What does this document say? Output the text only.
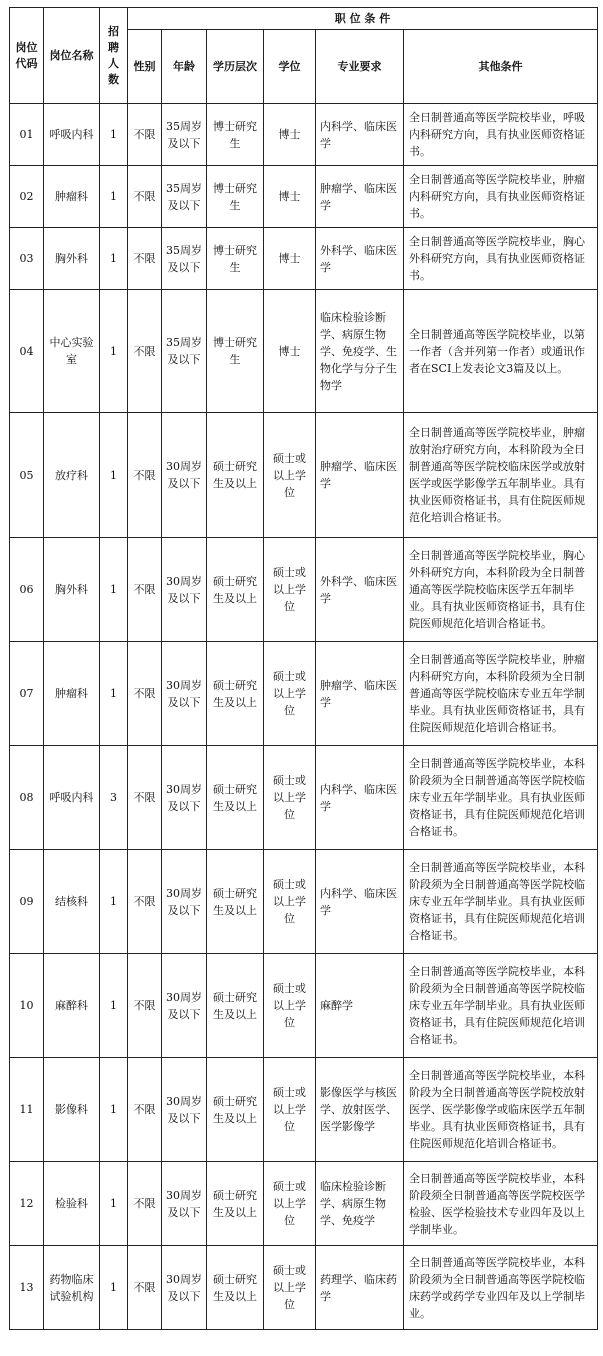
岗位代码	岗位名称	招聘人数	职 位 条 件					
			性别	年龄	学历层次	学位	专业要求	其他条件
01	呼吸内科	1	不限	35周岁及以下	博士研究生	博士	内科学、临床医学	全日制普通高等医学院校毕业，呼吸内科研究方向，具有执业医师资格证书。
02	肿瘤科	1	不限	35周岁及以下	博士研究生	博士	肿瘤学、临床医学	全日制普通高等医学院校毕业，肿瘤内科研究方向，具有执业医师资格证书。
03	胸外科	1	不限	35周岁及以下	博士研究生	博士	外科学、临床医学	全日制普通高等医学院校毕业，胸心外科研究方向，具有执业医师资格证书。
04	中心实验室	1	不限	35周岁及以下	博士研究生	博士	临床检验诊断学、病原生物学、免疫学、生物化学与分子生物学	全日制普通高等医学院校毕业，以第一作者（含并列第一作者）或通讯作者在SCI上发表论文3篇及以上。
05	放疗科	1	不限	30周岁及以下	硕士研究生及以上	硕士或以上学位	肿瘤学、临床医学	全日制普通高等医学院校毕业，肿瘤放射治疗研究方向，本科阶段为全日制普通高等医学院校临床医学或放射医学或医学影像学五年制毕业。具有执业医师资格证书，具有住院医师规范化培训合格证书。
06	胸外科	1	不限	30周岁及以下	硕士研究生及以上	硕士或以上学位	外科学、临床医学	全日制普通高等医学院校毕业，胸心外科研究方向，本科阶段为全日制普通高等医学院校临床医学五年制毕业。具有执业医师资格证书，具有住院医师规范化培训合格证书。
07	肿瘤科	1	不限	30周岁及以下	硕士研究生及以上	硕士或以上学位	肿瘤学、临床医学	全日制普通高等医学院校毕业，肿瘤内科研究方向，本科阶段须为全日制普通高等医学院校临床专业五年学制毕业。具有执业医师资格证书，具有住院医师规范化培训合格证书。
08	呼吸内科	3	不限	30周岁及以下	硕士研究生及以上	硕士或以上学位	内科学、临床医学	全日制普通高等医学院校毕业，本科阶段须为全日制普通高等医学院校临床专业五年学制毕业。具有执业医师资格证书，具有住院医师规范化培训合格证书。
09	结核科	1	不限	30周岁及以下	硕士研究生及以上	硕士或以上学位	内科学、临床医学	全日制普通高等医学院校毕业，本科阶段须为全日制普通高等医学院校临床专业五年学制毕业。具有执业医师资格证书，具有住院医师规范化培训合格证书。
10	麻醉科	1	不限	30周岁及以下	硕士研究生及以上	硕士或以上学位	麻醉学	全日制普通高等医学院校毕业，本科阶段须为全日制普通高等医学院校临床专业五年学制毕业。具有执业医师资格证书，具有住院医师规范化培训合格证书。
11	影像科	1	不限	30周岁及以下	硕士研究生及以上	硕士或以上学位	影像医学与核医学、放射医学、医学影像学	全日制普通高等医学院校毕业，本科阶段为全日制普通高等医学院校放射医学、医学影像学或临床医学五年制毕业。具有执业医师资格证书，具有住院医师规范化培训合格证书。
12	检验科	1	不限	30周岁及以下	硕士研究生及以上	硕士或以上学位	临床检验诊断学、病原生物学、免疫学	全日制普通高等医学院校毕业，本科阶段须全日制普通高等医学院校医学检验、医学检验技术专业四年及以上学制毕业。
13	药物临床试验机构	1	不限	30周岁及以下	硕士研究生及以上	硕士或以上学位	药理学、临床药学	全日制普通高等医学院校毕业，本科阶段须为全日制普通高等医学院校临床药学或药学专业四年及以上学制毕业。
